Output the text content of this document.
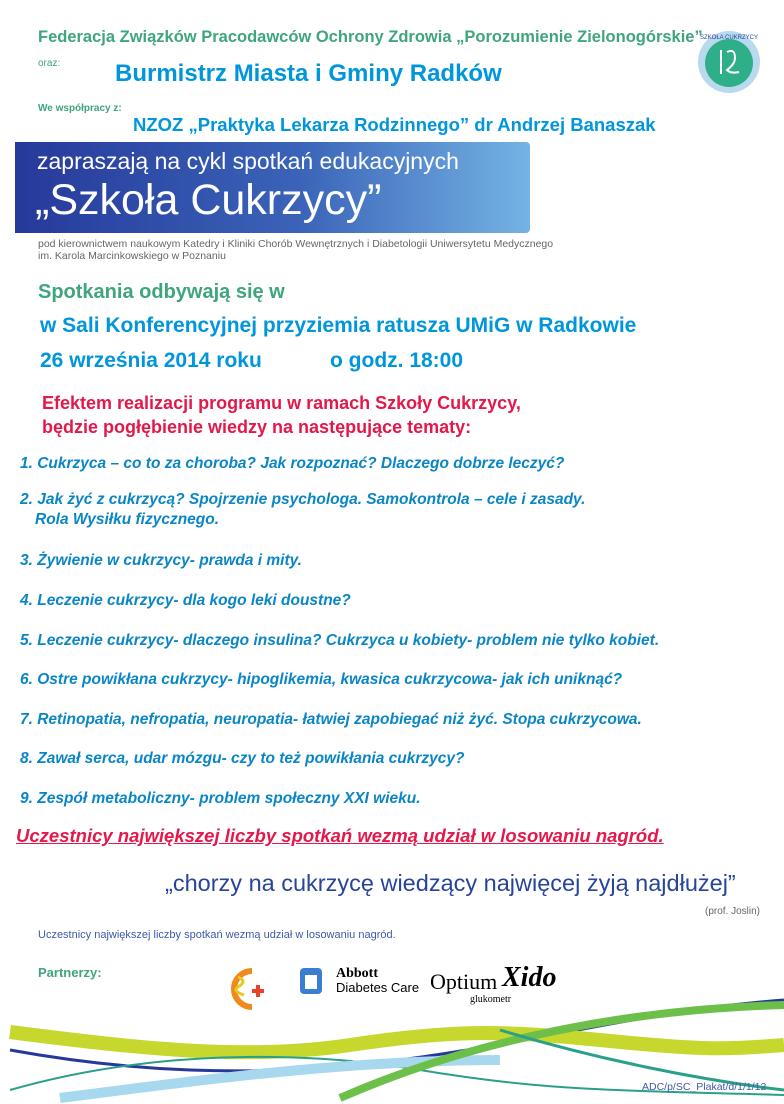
Federacja Związków Pracodawców Ochrony Zdrowia „Porozumienie Zielonogórskie”
oraz: Burmistrz Miasta i Gminy Radków
We współpracy z:
NZOZ „Praktyka Lekarza Rodzinnego” dr Andrzej Banaszak
SZKOŁA CUKRZYCY
zapraszają na cykl spotkań edukacyjnych
„Szkoła Cukrzycy”
pod kierownictwem naukowym Katedry i Kliniki Chorób Wewnętrznych i Diabetologii Uniwersytetu Medycznego
im. Karola Marcinkowskiego w Poznaniu
Spotkania odbywają się w
w Sali Konferencyjnej przyziemia ratusza UMiG w Radkowie
26 września 2014 roku	o godz. 18:00
Efektem realizacji programu w ramach Szkoły Cukrzycy,
będzie pogłębienie wiedzy na następujące tematy:
1. Cukrzyca – co to za choroba? Jak rozpoznać? Dlaczego dobrze leczyć?
2. Jak żyć z cukrzycą? Spojrzenie psychologa. Samokontrola – cele i zasady.
Rola Wysiłku fizycznego.
3. Żywienie w cukrzycy- prawda i mity.
4. Leczenie cukrzycy- dla kogo leki doustne?
5. Leczenie cukrzycy- dlaczego insulina? Cukrzyca u kobiety- problem nie tylko kobiet.
6. Ostre powikłana cukrzycy- hipoglikemia, kwasica cukrzycowa- jak ich uniknąć?
7. Retinopatia, nefropatia, neuropatia- łatwiej zapobiegać niż żyć. Stopa cukrzycowa.
8. Zawał serca, udar mózgu- czy to też powikłania cukrzycy?
9. Zespół metaboliczny- problem społeczny XXI wieku.
Uczestnicy największej liczby spotkań wezmą udział w losowaniu nagród.
„chorzy na cukrzycę wiedzący najwięcej żyją najdłużej”
(prof. Joslin)
Uczestnicy największej liczby spotkań wezmą udział w losowaniu nagród.
Partnerzy:	Abbott
Diabetes Care Optium Xido
glukometr
ADC/p/SC_Plakat/d/1/1/12
